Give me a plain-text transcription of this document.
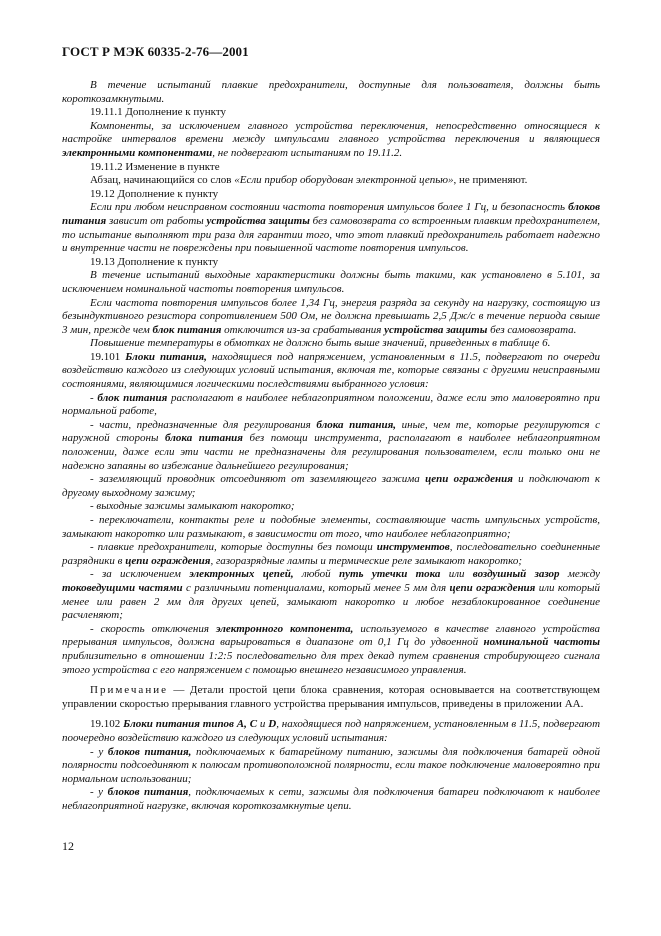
ГОСТ Р МЭК 60335-2-76—2001

В течение испытаний плавкие предохранители, доступные для пользователя, должны быть короткозамкнутыми.

19.11.1 Дополнение к пункту

Компоненты, за исключением главного устройства переключения, непосредственно относящиеся к настройке интервалов времени между импульсами главного устройства переключения и являющиеся электронными компонентами, не подвергают испытаниям по 19.11.2.

19.11.2 Изменение в пункте

Абзац, начинающийся со слов «Если прибор оборудован электронной цепью», не применяют.

19.12 Дополнение к пункту

Если при любом неисправном состоянии частота повторения импульсов более 1 Гц, и безопасность блоков питания зависит от работы устройства защиты без самовозврата со встроенным плавким предохранителем, то испытание выполняют три раза для гарантии того, что этот плавкий предохранитель работает надежно и внутренние части не повреждены при повышенной частоте повторения импульсов.

19.13 Дополнение к пункту

В течение испытаний выходные характеристики должны быть такими, как установлено в 5.101, за исключением номинальной частоты повторения импульсов.

Если частота повторения импульсов более 1,34 Гц, энергия разряда за секунду на нагрузку, состоящую из безындуктивного резистора сопротивлением 500 Ом, не должна превышать 2,5 Дж/с в течение периода свыше 3 мин, прежде чем блок питания отключится из-за срабатывания устройства защиты без самовозврата.

Повышение температуры в обмотках не должно быть выше значений, приведенных в таблице 6.

19.101 Блоки питания, находящиеся под напряжением, установленным в 11.5, подвергают по очереди воздействию каждого из следующих условий испытания, включая те, которые связаны с другими неисправными состояниями, являющимися логическими последствиями выбранного условия:

- блок питания располагают в наиболее неблагоприятном положении, даже если это маловероятно при нормальной работе,

- части, предназначенные для регулирования блока питания, иные, чем те, которые регулируются с наружной стороны блока питания без помощи инструмента, располагают в наиболее неблагоприятном положении, даже если эти части не предназначены для регулирования пользователем, если только они не надежно запаяны во избежание дальнейшего регулирования;

- заземляющий проводник отсоединяют от заземляющего зажима цепи ограждения и подключают к другому выходному зажиму;

- выходные зажимы замыкают накоротко;

- переключатели, контакты реле и подобные элементы, составляющие часть импульсных устройств, замыкают накоротко или размыкают, в зависимости от того, что наиболее неблагоприятно;

- плавкие предохранители, которые доступны без помощи инструментов, последовательно соединенные разрядники в цепи ограждения, газоразрядные лампы и термические реле замыкают накоротко;

- за исключением электронных цепей, любой путь утечки тока или воздушный зазор между токоведущими частями с различными потенциалами, который менее 5 мм для цепи ограждения или который менее или равен 2 мм для других цепей, замыкают накоротко и любое незаблокированное соединение расчленяют;

- скорость отключения электронного компонента, используемого в качестве главного устройства прерывания импульсов, должна варьироваться в диапазоне от 0,1 Гц до удвоенной номинальной частоты приблизительно в отношении 1:2:5 последовательно для трех декад путем сравнения стробирующего сигнала этого устройства с его напряжением с помощью внешнего независимого управления.

Примечание — Детали простой цепи блока сравнения, которая основывается на соответствующем управлении скоростью прерывания главного устройства прерывания импульсов, приведены в приложении АА.

19.102 Блоки питания типов A, C и D, находящиеся под напряжением, установленным в 11.5, подвергают поочередно воздействию каждого из следующих условий испытания:

- у блоков питания, подключаемых к батарейному питанию, зажимы для подключения батарей одной полярности подсоединяют к полюсам противоположной полярности, если такое подключение маловероятно при нормальном использовании;

- у блоков питания, подключаемых к сети, зажимы для подключения батареи подключают к наиболее неблагоприятной нагрузке, включая короткозамкнутые цепи.

12
